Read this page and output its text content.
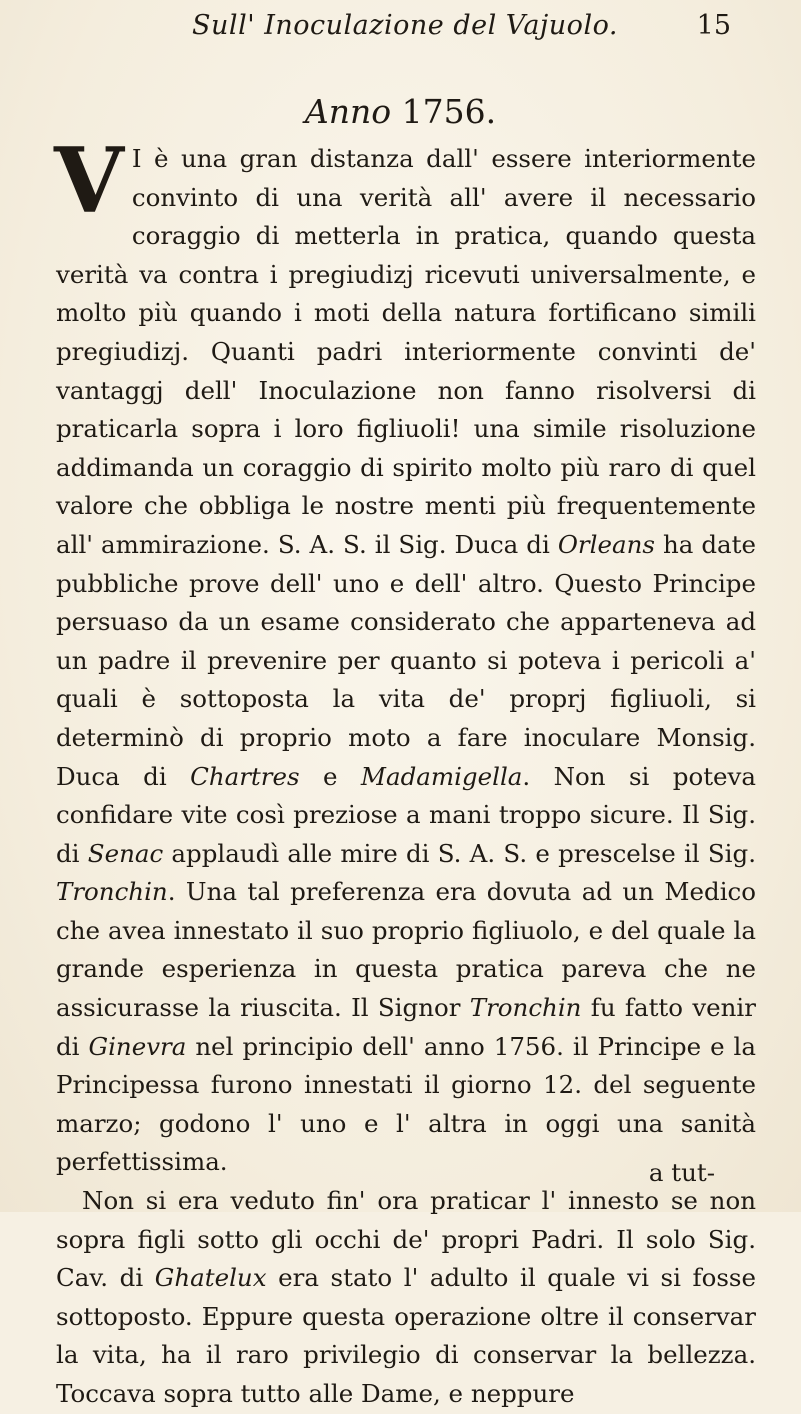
Sull' Inoculazione del Vajuolo.	15
Anno 1756.

V I è una gran distanza dall' essere interiormente convinto di una verità all' avere il necessario coraggio di metterla in pratica, quando questa verità va contra i pregiudizj ricevuti universalmente, e molto più quando i moti della natura fortificano simili pregiudizj. Quanti padri interiormente convinti de' vantaggj dell' Inoculazione non fanno risolversi di praticarla sopra i loro figliuoli! una simile risoluzione addimanda un coraggio di spirito molto più raro di quel valore che obbliga le nostre menti più frequentemente all' ammirazione. S. A. S. il Sig. Duca di Orleans ha date pubbliche prove dell' uno e dell' altro. Questo Principe persuaso da un esame considerato che apparteneva ad un padre il prevenire per quanto si poteva i pericoli a' quali è sottoposta la vita de' proprj figliuoli, si determinò di proprio moto a fare inoculare Monsig. Duca di Chartres e Madamigella. Non si poteva confidare vite così preziose a mani troppo sicure. Il Sig. di Senac applaudì alle mire di S. A. S. e prescelse il Sig. Tronchin. Una tal preferenza era dovuta ad un Medico che avea innestato il suo proprio figliuolo, e del quale la grande esperienza in questa pratica pareva che ne assicurasse la riuscita. Il Signor Tronchin fu fatto venir di Ginevra nel principio dell' anno 1756. il Principe e la Principessa furono innestati il giorno 12. del seguente marzo; godono l' uno e l' altra in oggi una sanità perfettissima.

Non si era veduto fin' ora praticar l' innesto se non sopra figli sotto gli occhi de' propri Padri. Il solo Sig. Cav. di Ghatelux era stato l' adulto il quale vi si fosse sottoposto. Eppure questa operazione oltre il conservar la vita, ha il raro privilegio di conservar la bellezza. Toccava sopra tutto alle Dame, e neppure

a tut-
